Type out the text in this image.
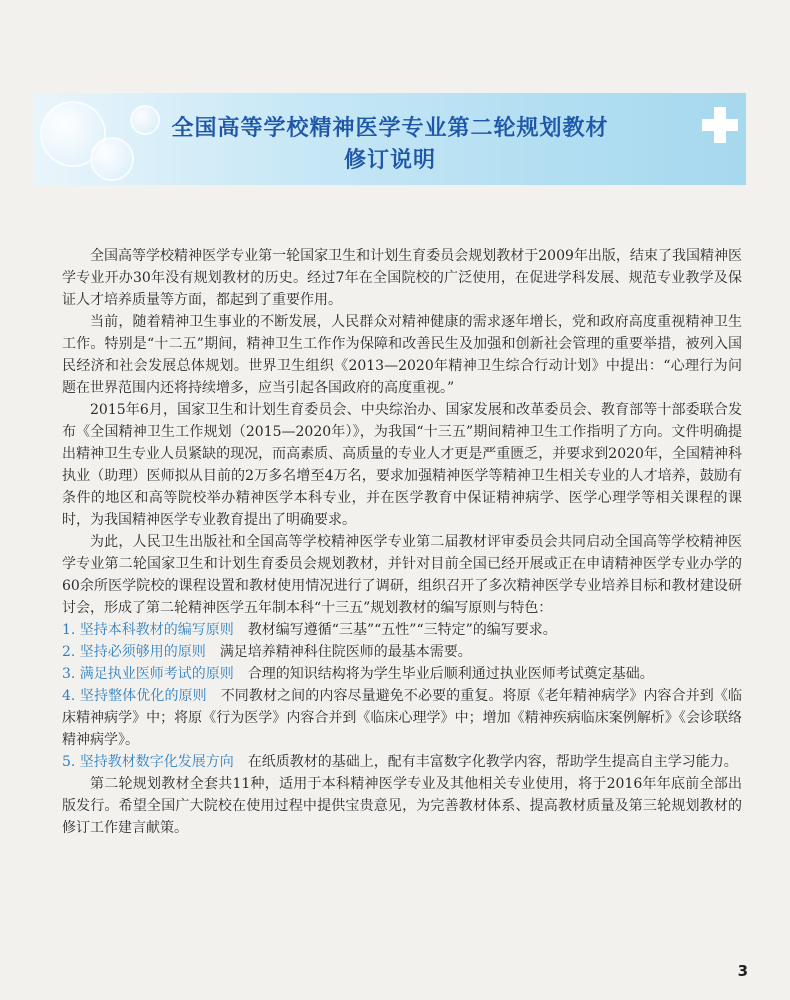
全国高等学校精神医学专业第二轮规划教材
修订说明

全国高等学校精神医学专业第一轮国家卫生和计划生育委员会规划教材于2009年出版，结束了我国精神医学专业开办30年没有规划教材的历史。经过7年在全国院校的广泛使用，在促进学科发展、规范专业教学及保证人才培养质量等方面，都起到了重要作用。

当前，随着精神卫生事业的不断发展，人民群众对精神健康的需求逐年增长，党和政府高度重视精神卫生工作。特别是“十二五”期间，精神卫生工作作为保障和改善民生及加强和创新社会管理的重要举措，被列入国民经济和社会发展总体规划。世界卫生组织《2013—2020年精神卫生综合行动计划》中提出：“心理行为问题在世界范围内还将持续增多，应当引起各国政府的高度重视。”

2015年6月，国家卫生和计划生育委员会、中央综治办、国家发展和改革委员会、教育部等十部委联合发布《全国精神卫生工作规划（2015—2020年）》，为我国“十三五”期间精神卫生工作指明了方向。文件明确提出精神卫生专业人员紧缺的现况，而高素质、高质量的专业人才更是严重匮乏，并要求到2020年，全国精神科执业（助理）医师拟从目前的2万多名增至4万名，要求加强精神医学等精神卫生相关专业的人才培养，鼓励有条件的地区和高等院校举办精神医学本科专业，并在医学教育中保证精神病学、医学心理学等相关课程的课时，为我国精神医学专业教育提出了明确要求。

为此，人民卫生出版社和全国高等学校精神医学专业第二届教材评审委员会共同启动全国高等学校精神医学专业第二轮国家卫生和计划生育委员会规划教材，并针对目前全国已经开展或正在申请精神医学专业办学的60余所医学院校的课程设置和教材使用情况进行了调研，组织召开了多次精神医学专业培养目标和教材建设研讨会，形成了第二轮精神医学五年制本科“十三五”规划教材的编写原则与特色：

1. 坚持本科教材的编写原则 教材编写遵循“三基”“五性”“三特定”的编写要求。

2. 坚持必须够用的原则 满足培养精神科住院医师的最基本需要。

3. 满足执业医师考试的原则 合理的知识结构将为学生毕业后顺利通过执业医师考试奠定基础。

4. 坚持整体优化的原则 不同教材之间的内容尽量避免不必要的重复。将原《老年精神病学》内容合并到《临床精神病学》中；将原《行为医学》内容合并到《临床心理学》中；增加《精神疾病临床案例解析》《会诊联络精神病学》。

5. 坚持教材数字化发展方向 在纸质教材的基础上，配有丰富数字化教学内容，帮助学生提高自主学习能力。

第二轮规划教材全套共11种，适用于本科精神医学专业及其他相关专业使用，将于2016年年底前全部出版发行。希望全国广大院校在使用过程中提供宝贵意见，为完善教材体系、提高教材质量及第三轮规划教材的修订工作建言献策。

3
